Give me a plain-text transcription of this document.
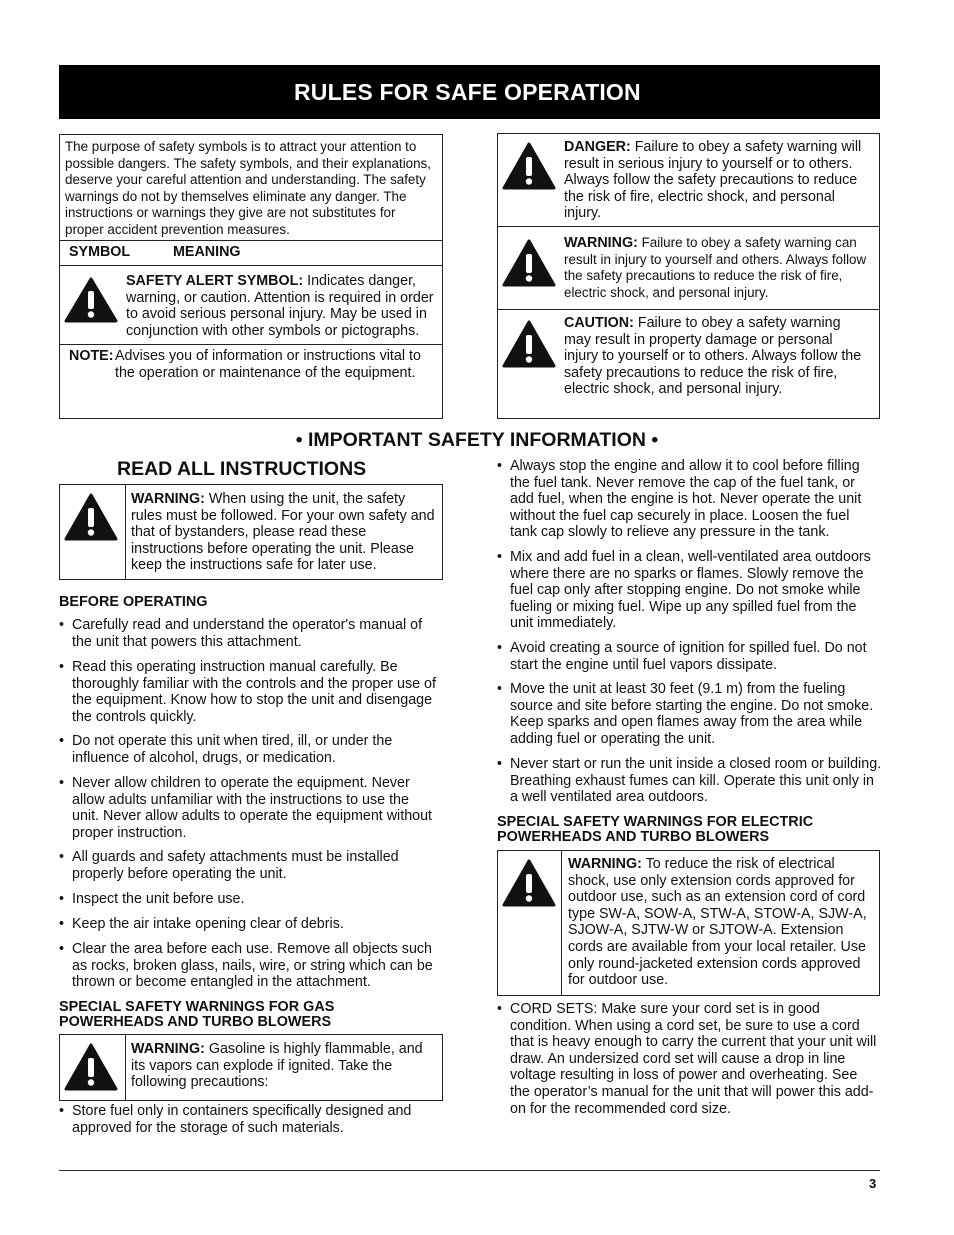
RULES FOR SAFE OPERATION
The purpose of safety symbols is to attract your attention to possible dangers. The safety symbols, and their explanations, deserve your careful attention and understanding. The safety warnings do not by themselves eliminate any danger. The instructions or warnings they give are not substitutes for proper accident prevention measures.
SYMBOL	MEANING
SAFETY ALERT SYMBOL: Indicates danger, warning, or caution. Attention is required in order to avoid serious personal injury. May be used in conjunction with other symbols or pictographs.
NOTE: Advises you of information or instructions vital to the operation or maintenance of the equipment.
DANGER: Failure to obey a safety warning will result in serious injury to yourself or to others. Always follow the safety precautions to reduce the risk of fire, electric shock, and personal injury.
WARNING: Failure to obey a safety warning can result in injury to yourself and others. Always follow the safety precautions to reduce the risk of fire, electric shock, and personal injury.
CAUTION: Failure to obey a safety warning may result in property damage or personal injury to yourself or to others. Always follow the safety precautions to reduce the risk of fire, electric shock, and personal injury.
• IMPORTANT SAFETY INFORMATION •
READ ALL INSTRUCTIONS
WARNING: When using the unit, the safety rules must be followed. For your own safety and that of bystanders, please read these instructions before operating the unit. Please keep the instructions safe for later use.
BEFORE OPERATING
• Carefully read and understand the operator's manual of the unit that powers this attachment.
• Read this operating instruction manual carefully. Be thoroughly familiar with the controls and the proper use of the equipment. Know how to stop the unit and disengage the controls quickly.
• Do not operate this unit when tired, ill, or under the influence of alcohol, drugs, or medication.
• Never allow children to operate the equipment. Never allow adults unfamiliar with the instructions to use the unit. Never allow adults to operate the equipment without proper instruction.
• All guards and safety attachments must be installed properly before operating the unit.
• Inspect the unit before use.
• Keep the air intake opening clear of debris.
• Clear the area before each use. Remove all objects such as rocks, broken glass, nails, wire, or string which can be thrown or become entangled in the attachment.
SPECIAL SAFETY WARNINGS FOR GAS POWERHEADS AND TURBO BLOWERS
WARNING: Gasoline is highly flammable, and its vapors can explode if ignited. Take the following precautions:
• Store fuel only in containers specifically designed and approved for the storage of such materials.
• Always stop the engine and allow it to cool before filling the fuel tank. Never remove the cap of the fuel tank, or add fuel, when the engine is hot. Never operate the unit without the fuel cap securely in place. Loosen the fuel tank cap slowly to relieve any pressure in the tank.
• Mix and add fuel in a clean, well-ventilated area outdoors where there are no sparks or flames. Slowly remove the fuel cap only after stopping engine. Do not smoke while fueling or mixing fuel. Wipe up any spilled fuel from the unit immediately.
• Avoid creating a source of ignition for spilled fuel. Do not start the engine until fuel vapors dissipate.
• Move the unit at least 30 feet (9.1 m) from the fueling source and site before starting the engine. Do not smoke. Keep sparks and open flames away from the area while adding fuel or operating the unit.
• Never start or run the unit inside a closed room or building. Breathing exhaust fumes can kill. Operate this unit only in a well ventilated area outdoors.
SPECIAL SAFETY WARNINGS FOR ELECTRIC POWERHEADS AND TURBO BLOWERS
WARNING: To reduce the risk of electrical shock, use only extension cords approved for outdoor use, such as an extension cord of cord type SW-A, SOW-A, STW-A, STOW-A, SJW-A, SJOW-A, SJTW-W or SJTOW-A. Extension cords are available from your local retailer. Use only round-jacketed extension cords approved for outdoor use.
• CORD SETS: Make sure your cord set is in good condition. When using a cord set, be sure to use a cord that is heavy enough to carry the current that your unit will draw. An undersized cord set will cause a drop in line voltage resulting in loss of power and overheating. See the operator’s manual for the unit that will power this add-on for the recommended cord size.
3
